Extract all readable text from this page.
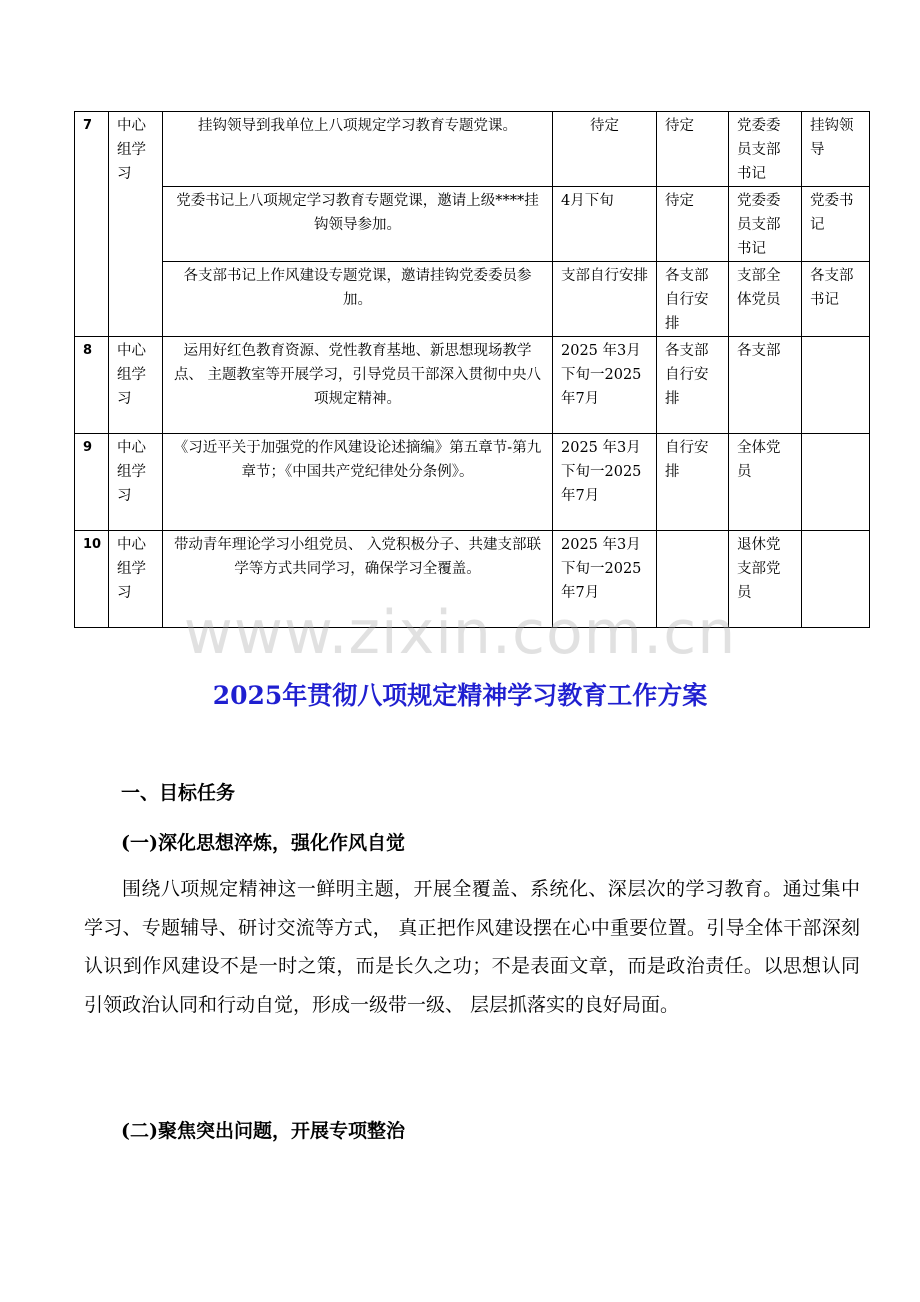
7	中心组学习	挂钩领导到我单位上八项规定学习教育专题党课。	待定	待定	党委委员支部书记	挂钩领导
		党委书记上八项规定学习教育专题党课，邀请上级****挂钩领导参加。	4月下旬	待定	党委委员支部书记	党委书记
		各支部书记上作风建设专题党课，邀请挂钩党委委员参加。	支部自行安排	各支部自行安排	支部全体党员	各支部书记
8	中心组学习	运用好红色教育资源、党性教育基地、新思想现场教学点、 主题教室等开展学习，引导党员干部深入贯彻中央八项规定精神。	2025 年3月下旬一2025年7月	各支部自行安排	各支部	
9	中心组学习	《习近平关于加强党的作风建设论述摘编》第五章节-第九章节；《中国共产党纪律处分条例》。	2025 年3月下旬一2025年7月	自行安排	全体党员	
10	中心组学习	带动青年理论学习小组党员、 入党积极分子、共建支部联学等方式共同学习，确保学习全覆盖。	2025 年3月下旬一2025年7月		退休党支部党员	
www.zixin.com.cn
2025年贯彻八项规定精神学习教育工作方案
一、目标任务
(一)深化思想淬炼，强化作风自觉
围绕八项规定精神这一鲜明主题，开展全覆盖、系统化、深层次的学习教育。通过集中学习、专题辅导、研讨交流等方式， 真正把作风建设摆在心中重要位置。引导全体干部深刻认识到作风建设不是一时之策，而是长久之功；不是表面文章，而是政治责任。以思想认同引领政治认同和行动自觉，形成一级带一级、 层层抓落实的良好局面。
(二)聚焦突出问题，开展专项整治
